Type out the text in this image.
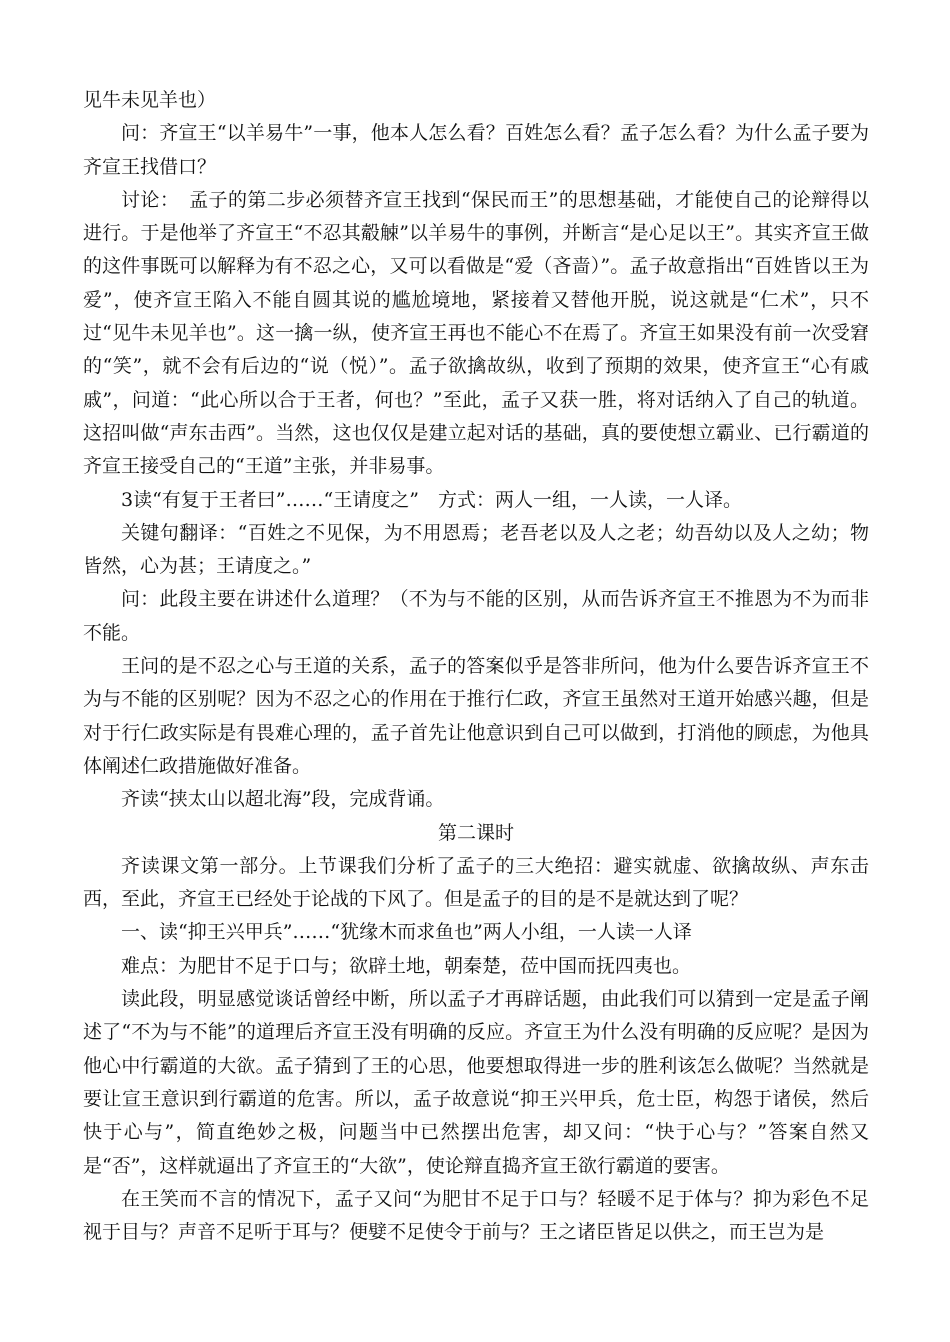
见牛未见羊也）

问：齐宣王“以羊易牛”一事，他本人怎么看？百姓怎么看？孟子怎么看？为什么孟子要为齐宣王找借口？

讨论：　孟子的第二步必须替齐宣王找到“保民而王”的思想基础，才能使自己的论辩得以进行。于是他举了齐宣王“不忍其觳觫”以羊易牛的事例，并断言“是心足以王”。其实齐宣王做的这件事既可以解释为有不忍之心，又可以看做是“爱（吝啬）”。孟子故意指出“百姓皆以王为爱”，使齐宣王陷入不能自圆其说的尴尬境地，紧接着又替他开脱，说这就是“仁术”，只不过“见牛未见羊也”。这一擒一纵，使齐宣王再也不能心不在焉了。齐宣王如果没有前一次受窘的“笑”，就不会有后边的“说（悦）”。孟子欲擒故纵，收到了预期的效果，使齐宣王“心有戚戚”，问道：“此心所以合于王者，何也？”至此，孟子又获一胜，将对话纳入了自己的轨道。这招叫做“声东击西”。当然，这也仅仅是建立起对话的基础，真的要使想立霸业、已行霸道的齐宣王接受自己的“王道”主张，并非易事。

3读“有复于王者曰”……“王请度之”　方式：两人一组，一人读，一人译。

关键句翻译：“百姓之不见保，为不用恩焉；老吾老以及人之老；幼吾幼以及人之幼；物皆然，心为甚；王请度之。”

问：此段主要在讲述什么道理？（不为与不能的区别，从而告诉齐宣王不推恩为不为而非不能。

王问的是不忍之心与王道的关系，孟子的答案似乎是答非所问，他为什么要告诉齐宣王不为与不能的区别呢？因为不忍之心的作用在于推行仁政，齐宣王虽然对王道开始感兴趣，但是对于行仁政实际是有畏难心理的，孟子首先让他意识到自己可以做到，打消他的顾虑，为他具体阐述仁政措施做好准备。

齐读“挟太山以超北海”段，完成背诵。

第二课时

齐读课文第一部分。上节课我们分析了孟子的三大绝招：避实就虚、欲擒故纵、声东击西，至此，齐宣王已经处于论战的下风了。但是孟子的目的是不是就达到了呢？

一、读“抑王兴甲兵”……“犹缘木而求鱼也”两人小组，一人读一人译

难点：为肥甘不足于口与；欲辟土地，朝秦楚，莅中国而抚四夷也。

读此段，明显感觉谈话曾经中断，所以孟子才再辟话题，由此我们可以猜到一定是孟子阐述了“不为与不能”的道理后齐宣王没有明确的反应。齐宣王为什么没有明确的反应呢？是因为他心中行霸道的大欲。孟子猜到了王的心思，他要想取得进一步的胜利该怎么做呢？当然就是要让宣王意识到行霸道的危害。所以，孟子故意说“抑王兴甲兵，危士臣，构怨于诸侯，然后快于心与”，简直绝妙之极，问题当中已然摆出危害，却又问：“快于心与？”答案自然又是“否”，这样就逼出了齐宣王的“大欲”，使论辩直捣齐宣王欲行霸道的要害。

在王笑而不言的情况下，孟子又问“为肥甘不足于口与？轻暖不足于体与？抑为彩色不足视于目与？声音不足听于耳与？便嬖不足使令于前与？王之诸臣皆足以供之，而王岂为是
